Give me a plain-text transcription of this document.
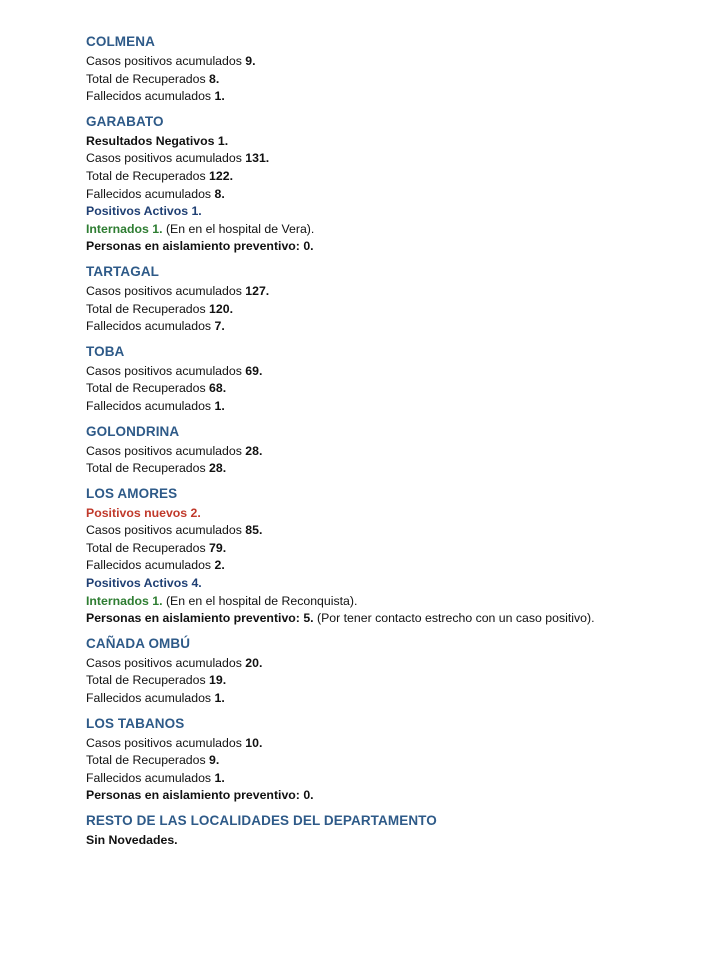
COLMENA
Casos positivos acumulados 9.
Total de Recuperados 8.
Fallecidos acumulados 1.
GARABATO
Resultados Negativos 1.
Casos positivos acumulados 131.
Total de Recuperados 122.
Fallecidos acumulados 8.
Positivos Activos 1.
Internados 1. (En en el hospital de Vera).
Personas en aislamiento preventivo: 0.
TARTAGAL
Casos positivos acumulados 127.
Total de Recuperados 120.
Fallecidos acumulados 7.
TOBA
Casos positivos acumulados 69.
Total de Recuperados 68.
Fallecidos acumulados 1.
GOLONDRINA
Casos positivos acumulados 28.
Total de Recuperados 28.
LOS AMORES
Positivos nuevos 2.
Casos positivos acumulados 85.
Total de Recuperados 79.
Fallecidos acumulados 2.
Positivos Activos 4.
Internados 1. (En en el hospital de Reconquista).
Personas en aislamiento preventivo: 5. (Por tener contacto estrecho con un caso positivo).
CAÑADA OMBÚ
Casos positivos acumulados 20.
Total de Recuperados 19.
Fallecidos acumulados 1.
LOS TABANOS
Casos positivos acumulados 10.
Total de Recuperados 9.
Fallecidos acumulados 1.
Personas en aislamiento preventivo: 0.
RESTO DE LAS LOCALIDADES DEL DEPARTAMENTO
Sin Novedades.
